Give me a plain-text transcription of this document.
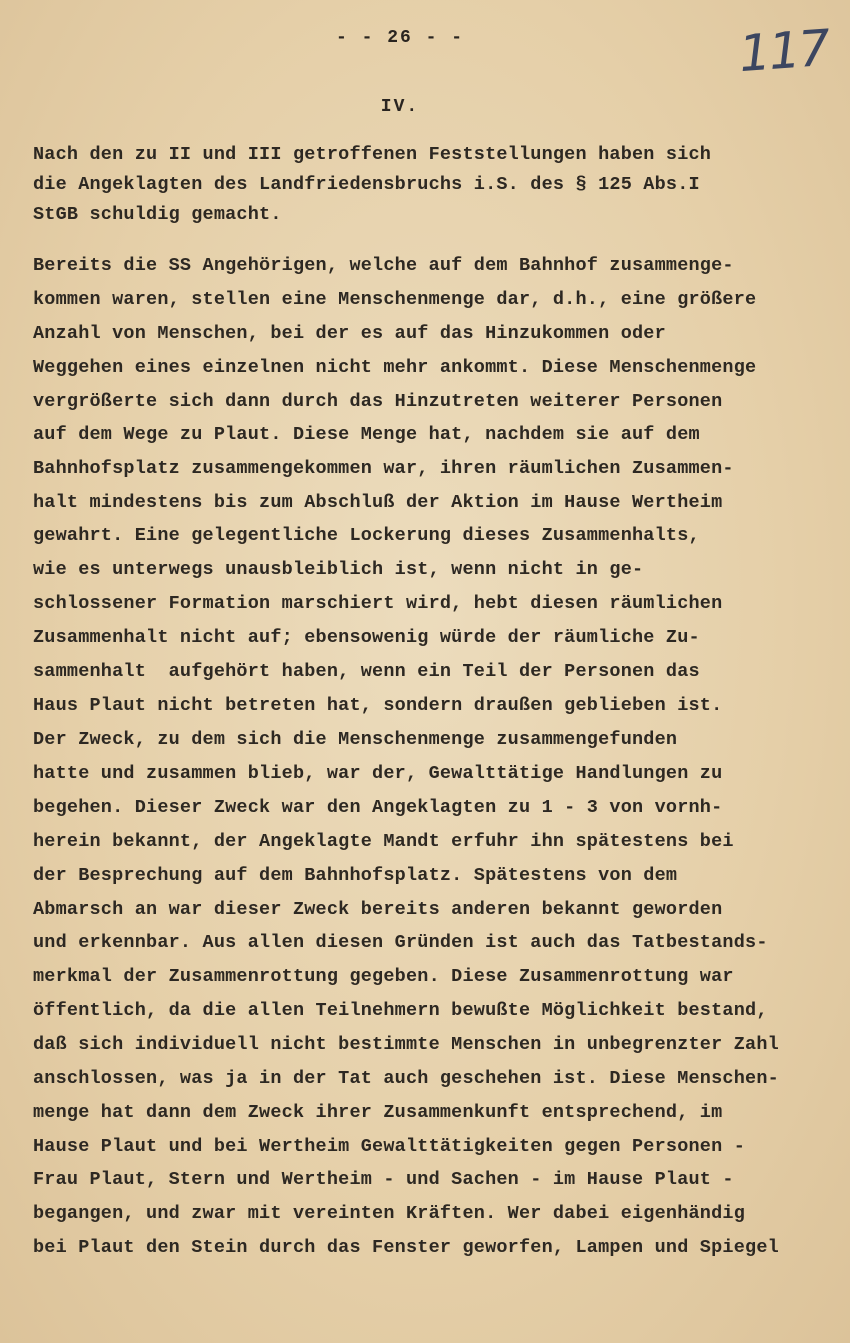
- - 26 - -	117
IV.
Nach den zu II und III getroffenen Feststellungen haben sich
die Angeklagten des Landfriedensbruchs i.S. des § 125 Abs.I
StGB schuldig gemacht.
Bereits die SS Angehörigen, welche auf dem Bahnhof zusammenge-
kommen waren, stellen eine Menschenmenge dar, d.h., eine größere
Anzahl von Menschen, bei der es auf das Hinzukommen oder
Weggehen eines einzelnen nicht mehr ankommt. Diese Menschenmenge
vergrößerte sich dann durch das Hinzutreten weiterer Personen
auf dem Wege zu Plaut. Diese Menge hat, nachdem sie auf dem
Bahnhofsplatz zusammengekommen war, ihren räumlichen Zusammen-
halt mindestens bis zum Abschluß der Aktion im Hause Wertheim
gewahrt. Eine gelegentliche Lockerung dieses Zusammenhalts,
wie es unterwegs unausbleiblich ist, wenn nicht in ge-
schlossener Formation marschiert wird, hebt diesen räumlichen
Zusammenhalt nicht auf; ebensowenig würde der räumliche Zu-
sammenhalt  aufgehört haben, wenn ein Teil der Personen das
Haus Plaut nicht betreten hat, sondern draußen geblieben ist.
Der Zweck, zu dem sich die Menschenmenge zusammengefunden
hatte und zusammen blieb, war der, Gewalttätige Handlungen zu
begehen. Dieser Zweck war den Angeklagten zu 1 - 3 von vornh-
herein bekannt, der Angeklagte Mandt erfuhr ihn spätestens bei
der Besprechung auf dem Bahnhofsplatz. Spätestens von dem
Abmarsch an war dieser Zweck bereits anderen bekannt geworden
und erkennbar. Aus allen diesen Gründen ist auch das Tatbestands-
merkmal der Zusammenrottung gegeben. Diese Zusammenrottung war
öffentlich, da die allen Teilnehmern bewußte Möglichkeit bestand,
daß sich individuell nicht bestimmte Menschen in unbegrenzter Zahl
anschlossen, was ja in der Tat auch geschehen ist. Diese Menschen-
menge hat dann dem Zweck ihrer Zusammenkunft entsprechend, im
Hause Plaut und bei Wertheim Gewalttätigkeiten gegen Personen -
Frau Plaut, Stern und Wertheim - und Sachen - im Hause Plaut -
begangen, und zwar mit vereinten Kräften. Wer dabei eigenhändig
bei Plaut den Stein durch das Fenster geworfen, Lampen und Spiegel
